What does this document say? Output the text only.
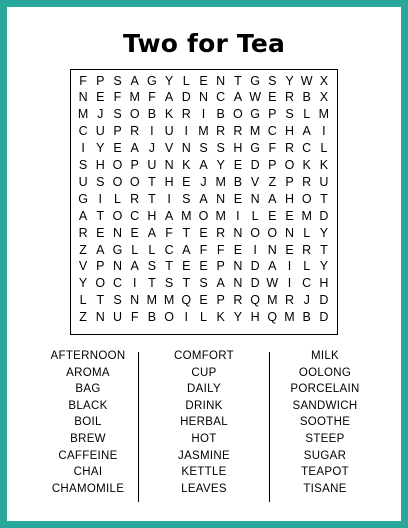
Two for Tea
F P S A G Y L E N T G S Y W X
N E F M F A D N C A W E R B X
M J S O B K R I B O G P S L M
C U P R I U I M R R M C H A I
I Y E A J V N S S H G F R C L
S H O P U N K A Y E D P O K K
U S O O T H E J M B V Z P R U
G I L R T I S A N E N A H O T
A T O C H A M O M I L E E M D
R E N E A F T E R N O O N L Y
Z A G L L C A F F E I N E R T
V P N A S T E E P N D A I L Y
Y O C I T S T S A N D W I C H
L T S N M M Q E P R Q M R J D
Z N U F B O I L K Y H Q M B D
AFTERNOON
AROMA
BAG
BLACK
BOIL
BREW
CAFFEINE
CHAI
CHAMOMILE
COMFORT
CUP
DAILY
DRINK
HERBAL
HOT
JASMINE
KETTLE
LEAVES
MILK
OOLONG
PORCELAIN
SANDWICH
SOOTHE
STEEP
SUGAR
TEAPOT
TISANE
